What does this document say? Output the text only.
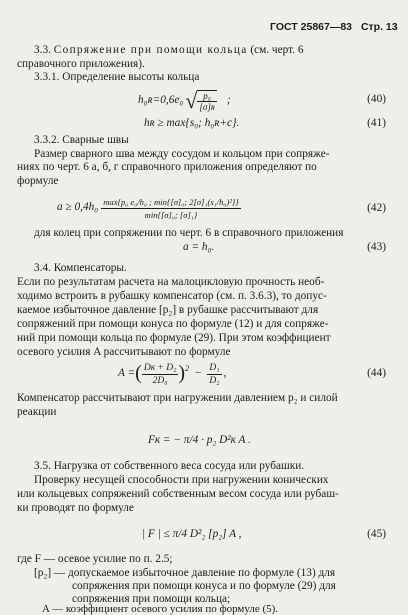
ГОСТ 25867—83 Стр. 13
3.3. Сопряжение при помощи кольца (см. черт. 6
справочного приложения).
3.3.1. Определение высоты кольца
h₀ʀ=0,6e₀ √ $\frac{\text{p₀}}{\text{[σ]ʀ}}$ ;	(40)
hʀ ≥ max{s₀; h₀ʀ+c}.	(41)
3.3.2. Сварные швы
Размер сварного шва между сосудом и кольцом при сопряже-
ниях по черт. 6 а, б, г справочного приложения определяют по
формуле
$a \ge 0,4h_0 \frac{\text{max\{p₀ e₀/h₀ ; min\{[σ]₀; 2[σ]₁(s₁/h₀)²\}\}}}{\text{min\{[σ]₀; [σ]₁\}}}$	(42)
для колец при сопряжении по черт. 6 в справочного приложения
a = h₀.	(43)
3.4. Компенсаторы.
Если по результатам расчета на малоцикловую прочность необ-
ходимо встроить в рубашку компенсатор (см. п. 3.6.3), то допус-
каемое избыточное давление [p₂] в рубашке рассчитывают для
сопряжений при помощи конуса по формуле (12) и для сопряже-
ний при помощи кольца по формуле (29). При этом коэффициент
осевого усилия A рассчитывают по формуле
A = ( $\frac{\text{Dᴋ + D₂}}{\text{2D₀}}$ ) $2 - \frac{\text{D₁}}{\text{D₂}}$ ,	(44)
Компенсатор рассчитывают при нагружении давлением p₂ и силой
реакции
Fᴋ = − π/4 · p₂ D²ᴋ A .
3.5. Нагрузка от собственного веса сосуда или рубашки.
Проверку несущей способности при нагружении конических
или кольцевых сопряжений собственным весом сосуда или рубаш-
ки проводят по формуле
| F | ≤ π/4 D²₂ [p₂] A ,	(45)
где F — осевое усилие по п. 2.5;
[p₂] — допускаемое избыточное давление по формуле (13) для
сопряжения при помощи конуса и по формуле (29) для
сопряжения при помощи кольца;
A — коэффициент осевого усилия по формуле (5).
